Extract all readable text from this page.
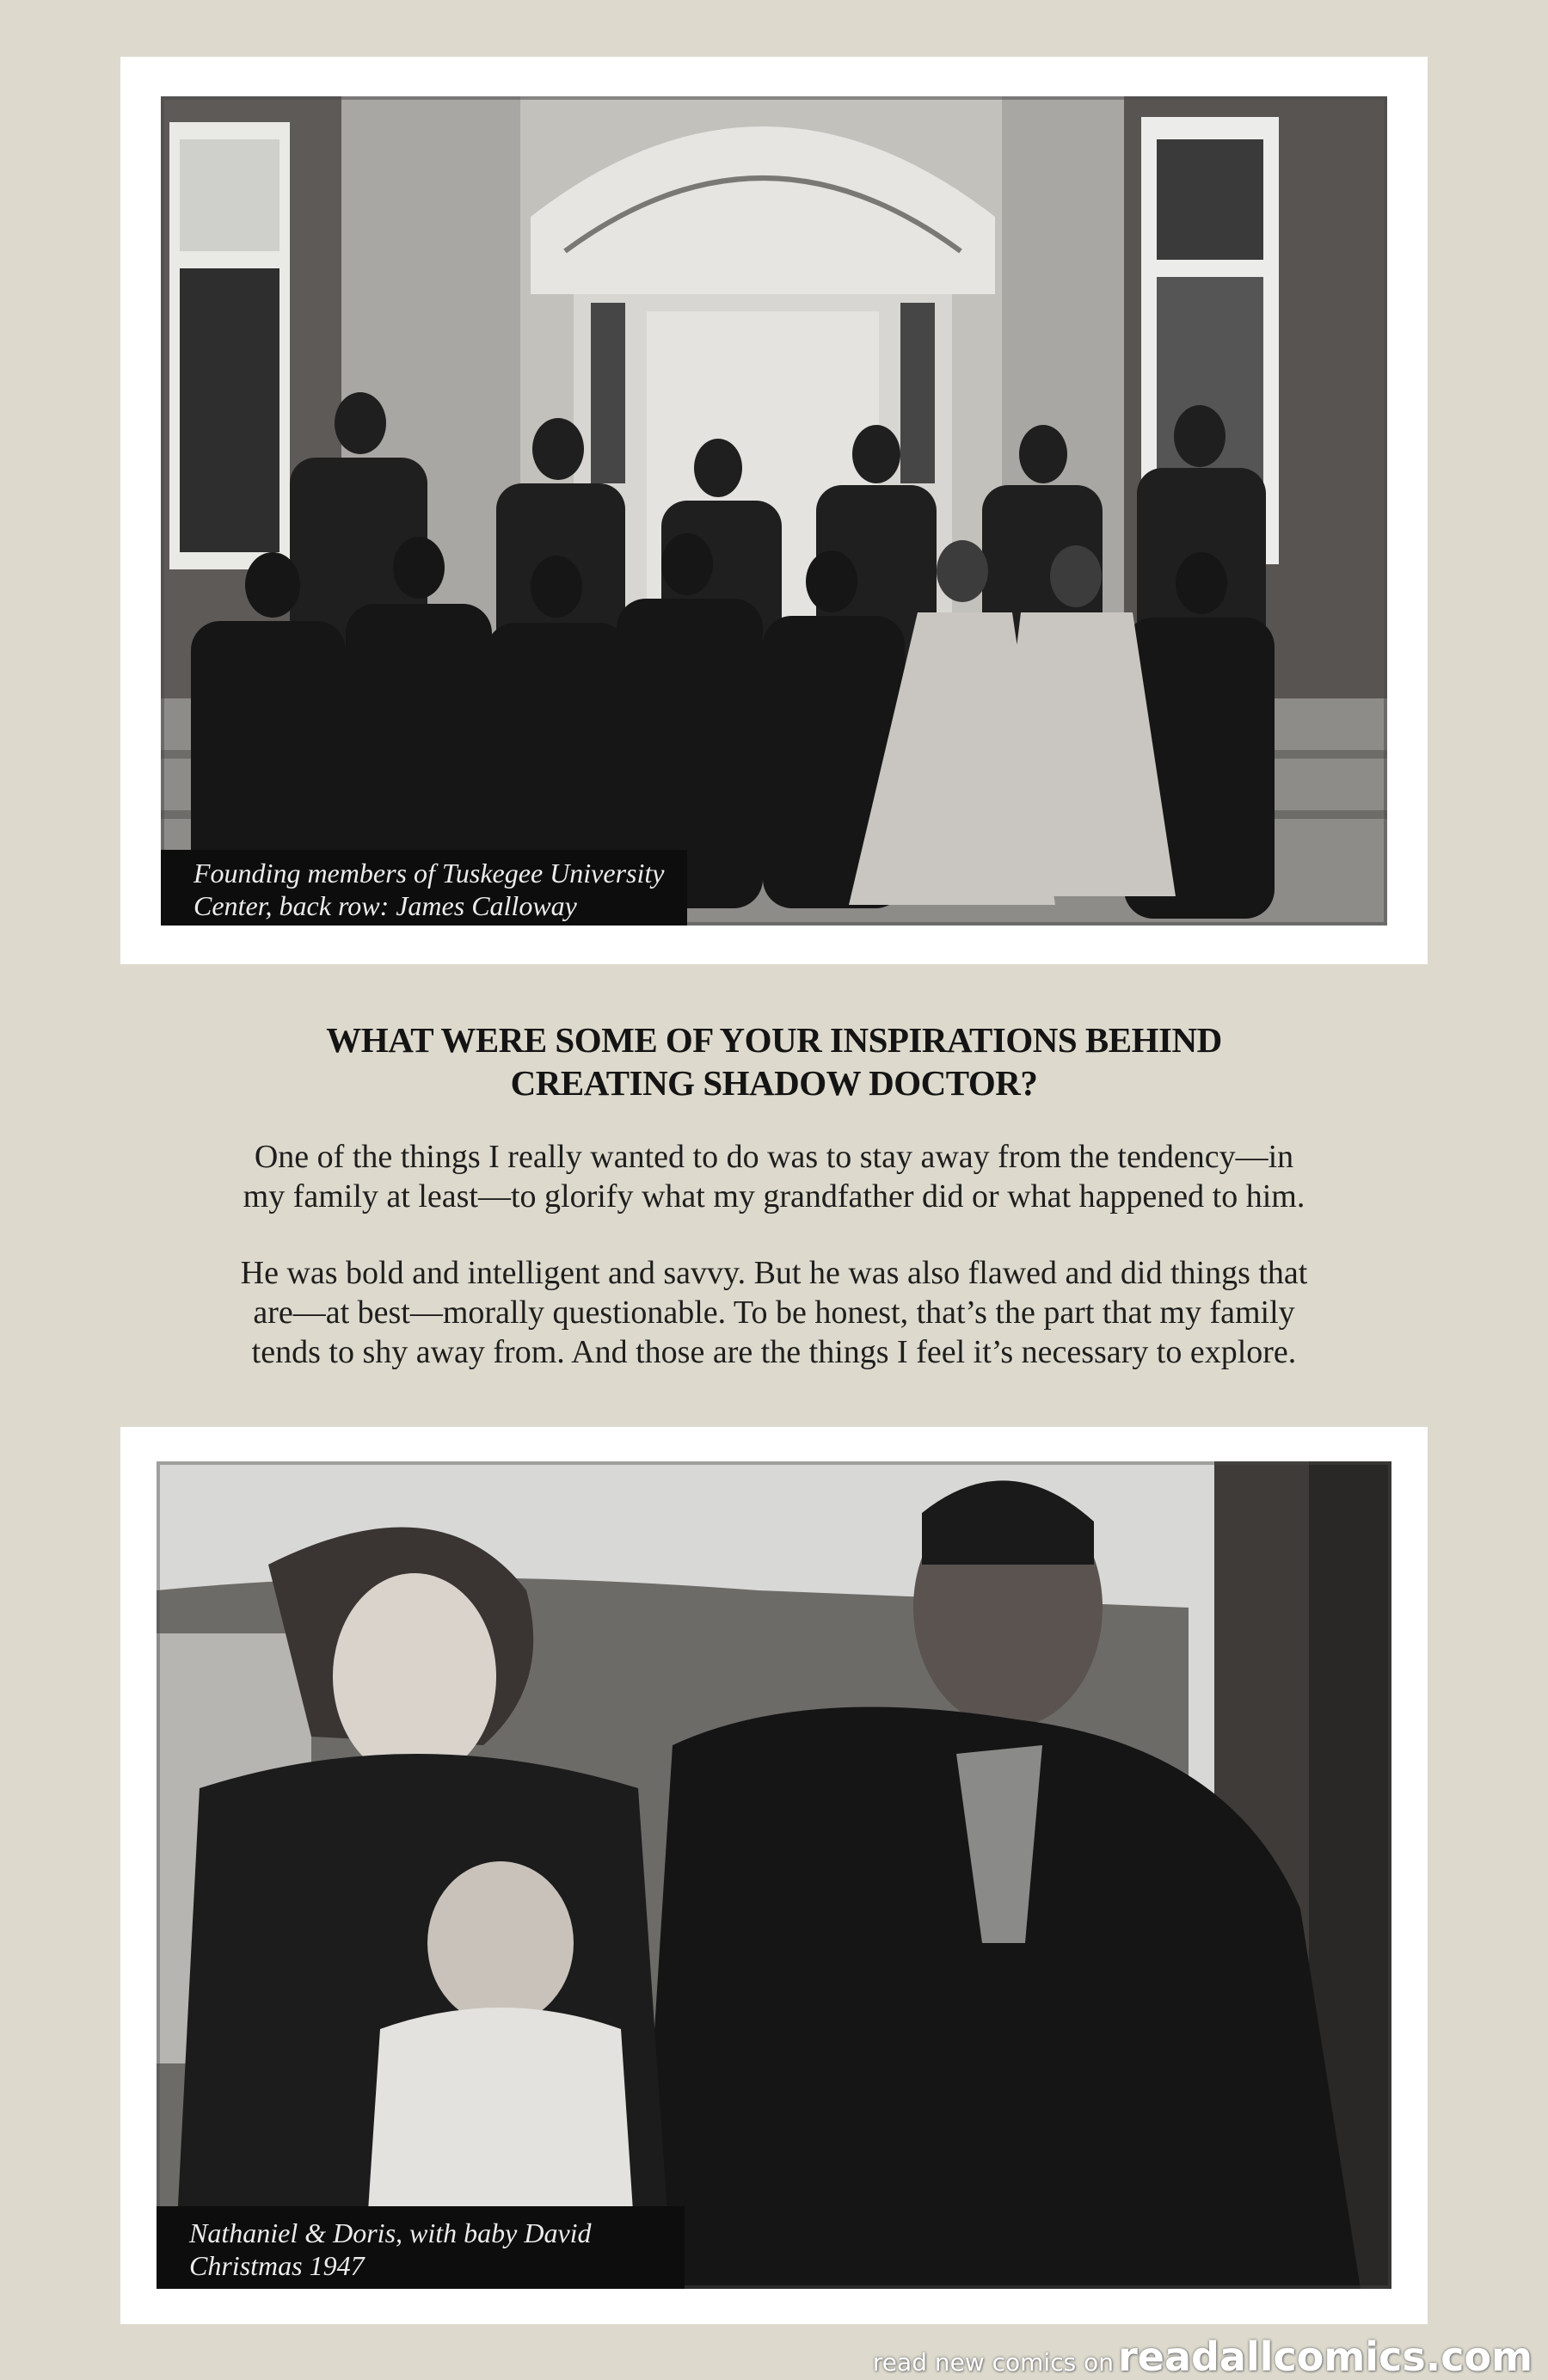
Founding members of Tuskegee University
Center, back row: James Calloway
WHAT WERE SOME OF YOUR INSPIRATIONS BEHIND
CREATING SHADOW DOCTOR?
One of the things I really wanted to do was to stay away from the tendency—in
my family at least—to glorify what my grandfather did or what happened to him.
He was bold and intelligent and savvy. But he was also flawed and did things that
are—at best—morally questionable. To be honest, that’s the part that my family
tends to shy away from. And those are the things I feel it’s necessary to explore.
Nathaniel & Doris, with baby David
Christmas 1947
read new comics on readallcomics.com
